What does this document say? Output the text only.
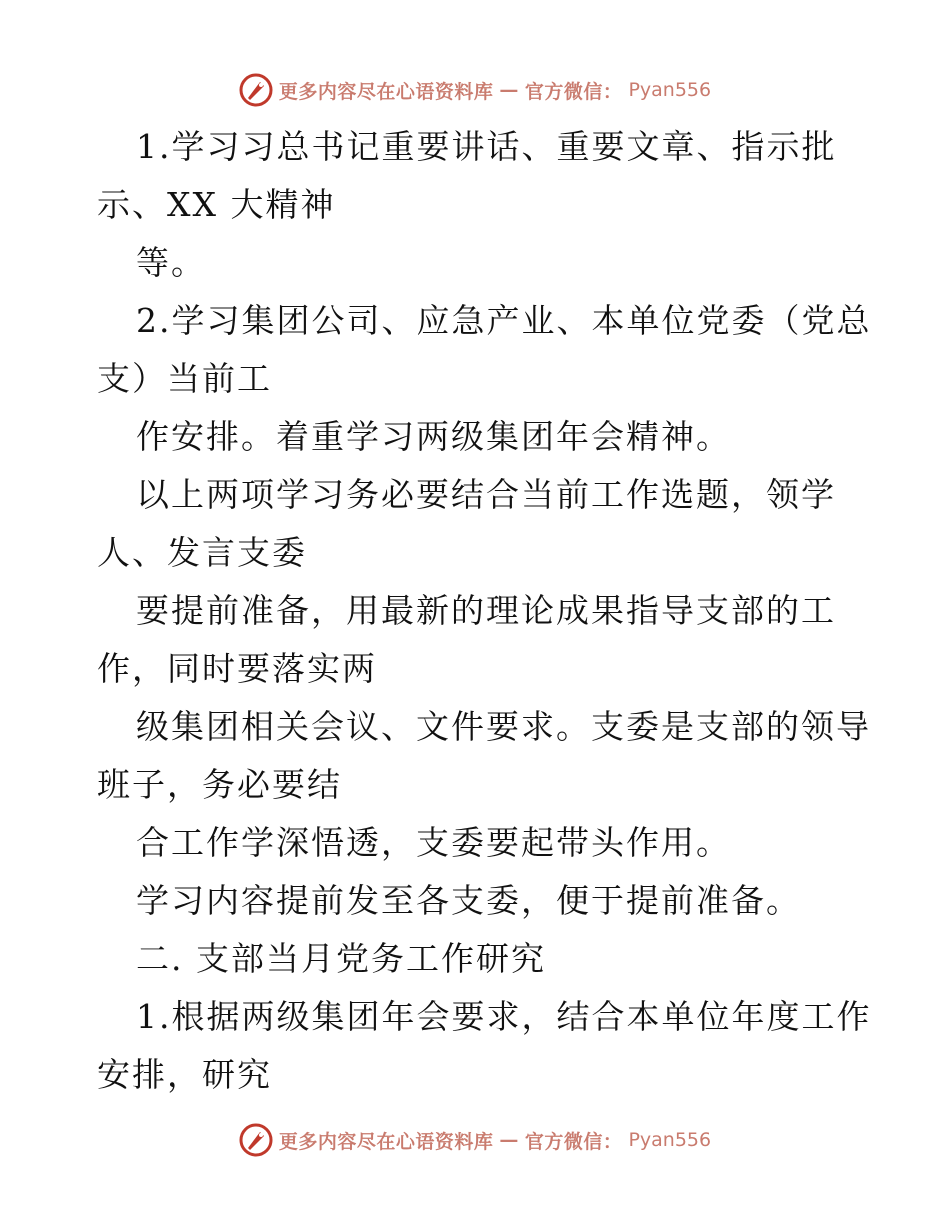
更多内容尽在心语资料库 — 官方微信： Pyan556
1.学习习总书记重要讲话、重要文章、指示批
示、XX 大精神
等。
2.学习集团公司、应急产业、本单位党委（党总
支）当前工
作安排。着重学习两级集团年会精神。
以上两项学习务必要结合当前工作选题，领学
人、发言支委
要提前准备，用最新的理论成果指导支部的工
作，同时要落实两
级集团相关会议、文件要求。支委是支部的领导
班子，务必要结
合工作学深悟透，支委要起带头作用。
学习内容提前发至各支委，便于提前准备。
二. 支部当月党务工作研究
1.根据两级集团年会要求，结合本单位年度工作
安排，研究
更多内容尽在心语资料库 — 官方微信： Pyan556
